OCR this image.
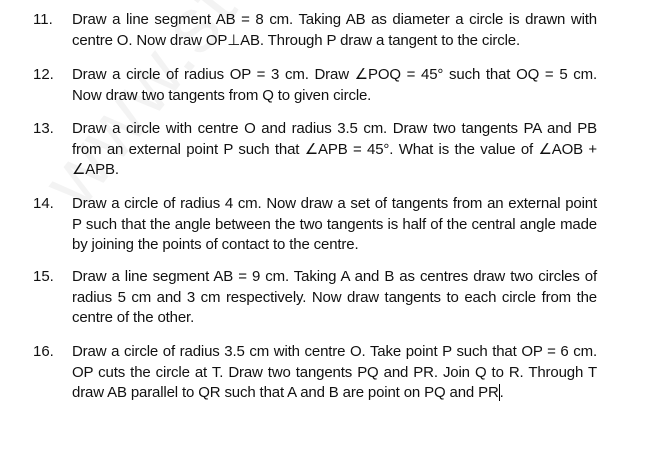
11.	Draw a line segment AB = 8 cm. Taking AB as diameter a circle is drawn with centre O. Now draw OP⊥AB. Through P draw a tangent to the circle.
12.	Draw a circle of radius OP = 3 cm. Draw ∠POQ = 45° such that OQ = 5 cm. Now draw two tangents from Q to given circle.
13.	Draw a circle with centre O and radius 3.5 cm. Draw two tangents PA and PB from an external point P such that ∠APB = 45°. What is the value of ∠AOB + ∠APB.
14.	Draw a circle of radius 4 cm. Now draw a set of tangents from an external point P such that the angle between the two tangents is half of the central angle made by joining the points of contact to the centre.
15.	Draw a line segment AB = 9 cm. Taking A and B as centres draw two circles of radius 5 cm and 3 cm respectively. Now draw tangents to each circle from the centre of the other.
16.	Draw a circle of radius 3.5 cm with centre O. Take point P such that OP = 6 cm. OP cuts the circle at T. Draw two tangents PQ and PR. Join Q to R. Through T draw AB parallel to QR such that A and B are point on PQ and PR.
